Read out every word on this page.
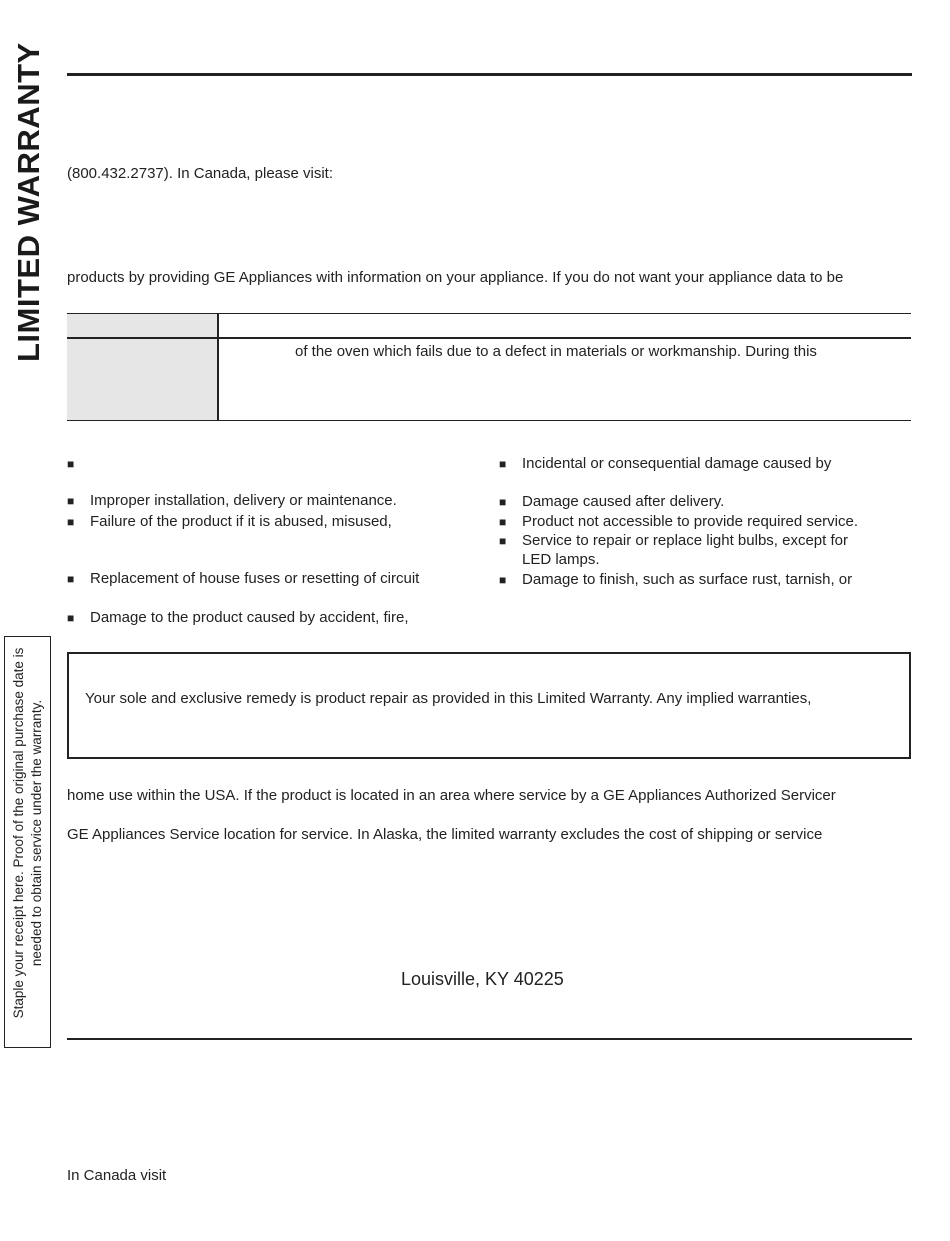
LIMITED WARRANTY
Staple your receipt here. Proof of the original purchase date is needed to obtain service under the warranty.
(800.432.2737). In Canada, please visit:
products by providing GE Appliances with information on your appliance. If you do not want your appliance data to be
of the oven which fails due to a defect in materials or workmanship. During this
■
■ Improper installation, delivery or maintenance.
■ Failure of the product if it is abused, misused,
■ Replacement of house fuses or resetting of circuit
■ Damage to the product caused by accident, fire,
■ Incidental or consequential damage caused by
■ Damage caused after delivery.
■ Product not accessible to provide required service.
■ Service to repair or replace light bulbs, except for
LED lamps.
■ Damage to finish, such as surface rust, tarnish, or
Your sole and exclusive remedy is product repair as provided in this Limited Warranty. Any implied warranties,
home use within the USA. If the product is located in an area where service by a GE Appliances Authorized Servicer
GE Appliances Service location for service. In Alaska, the limited warranty excludes the cost of shipping or service
Louisville, KY 40225
In Canada visit
